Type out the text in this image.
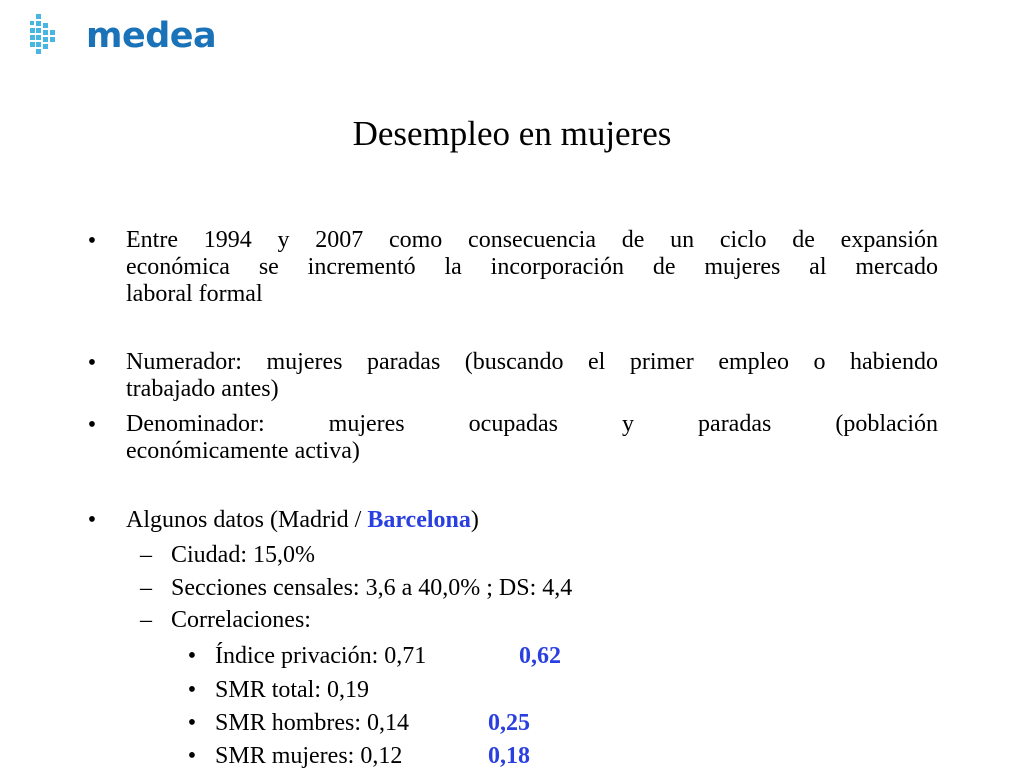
medea
Desempleo en mujeres
• Entre 1994 y 2007 como consecuencia de un ciclo de expansión
económica se incrementó la incorporación de mujeres al mercado
laboral formal
• Numerador: mujeres paradas (buscando el primer empleo o habiendo
trabajado antes)
• Denominador: mujeres ocupadas y paradas (población
económicamente activa)
• Algunos datos (Madrid / Barcelona)
– Ciudad: 15,0%
– Secciones censales: 3,6 a 40,0% ; DS: 4,4
– Correlaciones:
• Índice privación: 0,71	0,62
• SMR total: 0,19
• SMR hombres: 0,14	0,25
• SMR mujeres: 0,12	0,18
